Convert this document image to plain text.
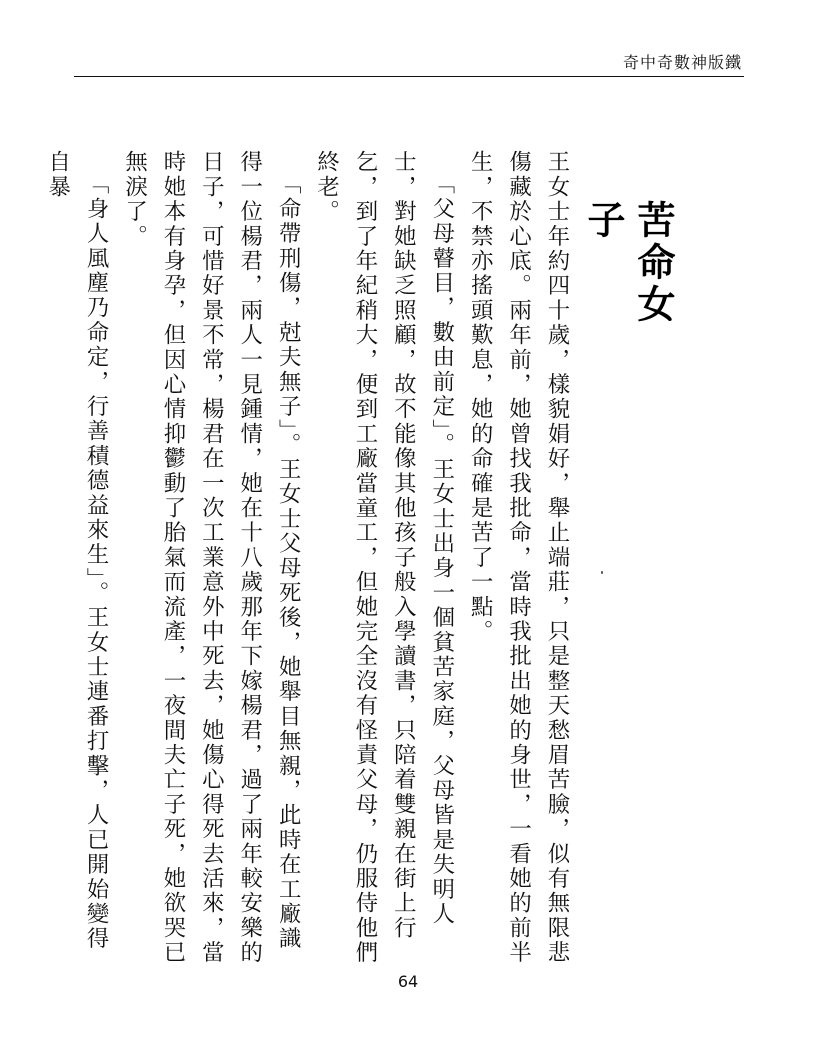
奇中奇數神版鐵
苦命女子

王女士年約四十歲，樣貌娟好，舉止端莊，只是整天愁眉苦臉，似有無限悲傷藏於心底。兩年前，她曾找我批命，當時我批出她的身世，一看她的前半生，不禁亦搖頭歎息，她的命確是苦了一點。

「父母瞽目，數由前定」。王女士出身一個貧苦家庭，父母皆是失明人士，對她缺乏照顧，故不能像其他孩子般入學讀書，只陪着雙親在街上行乞，到了年紀稍大，便到工廠當童工，但她完全沒有怪責父母，仍服侍他們終老。

「命帶刑傷，尅夫無子」。王女士父母死後，她舉目無親，此時在工廠識得一位楊君，兩人一見鍾情，她在十八歲那年下嫁楊君，過了兩年較安樂的日子，可惜好景不常，楊君在一次工業意外中死去，她傷心得死去活來，當時她本有身孕，但因心情抑鬱動了胎氣而流產，一夜間夫亡子死，她欲哭已無淚了。

「身人風塵乃命定，行善積德益來生」。王女士連番打擊，人已開始變得自暴

64
